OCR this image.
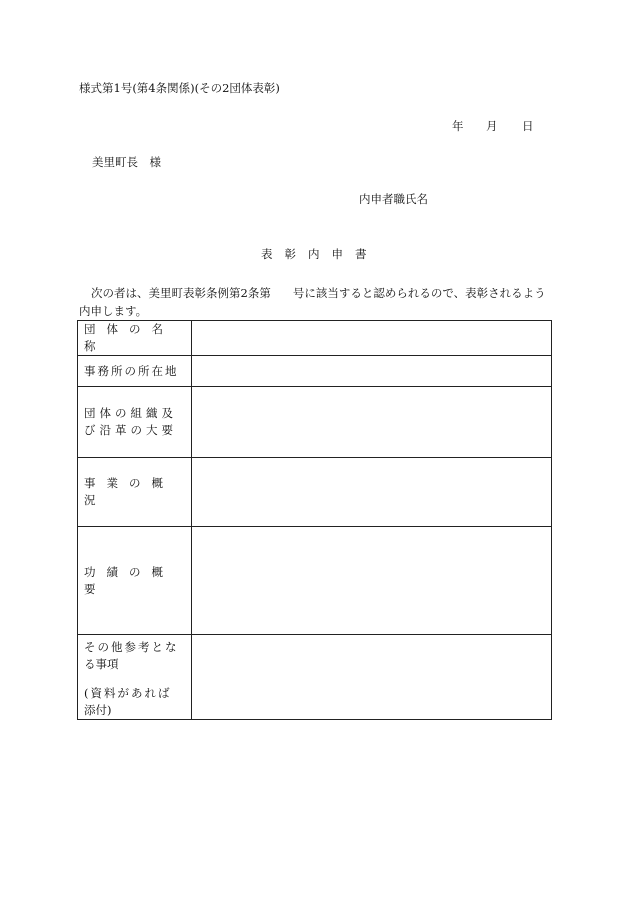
様式第1号(第4条関係)(その2団体表彰)
年 月 日
美里町長　様
内申者職氏名
表彰内申書
次の者は、美里町表彰条例第2条第 号に該当すると認められるので、表彰されるよう内申します。
団体の名称	

事務所の所在地	

団体の組織及
び沿革の大要	

事業の概況	

功績の概要	

その他参考とな
る事項
(資料があれば
添付)	
